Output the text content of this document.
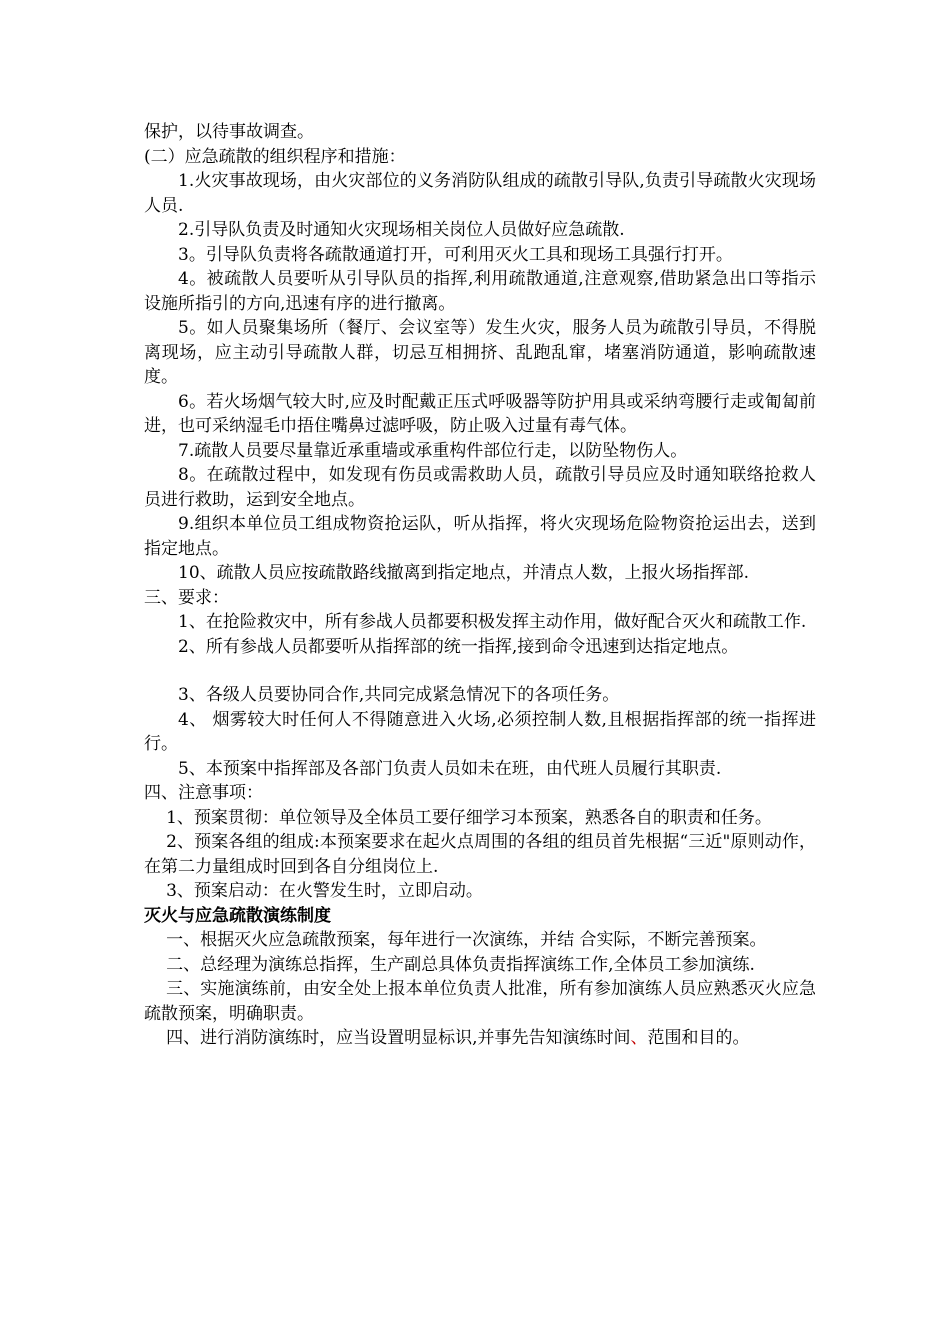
保护，以待事故调查。

(二）应急疏散的组织程序和措施：

1.火灾事故现场，由火灾部位的义务消防队组成的疏散引导队,负责引导疏散火灾现场人员.

2.引导队负责及时通知火灾现场相关岗位人员做好应急疏散.

3。引导队负责将各疏散通道打开，可利用灭火工具和现场工具强行打开。

4。被疏散人员要听从引导队员的指挥,利用疏散通道,注意观察,借助紧急出口等指示设施所指引的方向,迅速有序的进行撤离。

5。如人员聚集场所（餐厅、会议室等）发生火灾，服务人员为疏散引导员，不得脱离现场，应主动引导疏散人群，切忌互相拥挤、乱跑乱窜，堵塞消防通道，影响疏散速度。

6。若火场烟气较大时,应及时配戴正压式呼吸器等防护用具或采纳弯腰行走或匍匐前进，也可采纳湿毛巾捂住嘴鼻过滤呼吸，防止吸入过量有毒气体。

7.疏散人员要尽量靠近承重墙或承重构件部位行走，以防坠物伤人。

8。在疏散过程中，如发现有伤员或需救助人员，疏散引导员应及时通知联络抢救人员进行救助，运到安全地点。

9.组织本单位员工组成物资抢运队，听从指挥，将火灾现场危险物资抢运出去，送到指定地点。

10、疏散人员应按疏散路线撤离到指定地点，并清点人数，上报火场指挥部.

三、要求：

1、在抢险救灾中，所有参战人员都要积极发挥主动作用，做好配合灭火和疏散工作.

2、所有参战人员都要听从指挥部的统一指挥,接到命令迅速到达指定地点。

3、各级人员要协同合作,共同完成紧急情况下的各项任务。

4、 烟雾较大时任何人不得随意进入火场,必须控制人数,且根据指挥部的统一指挥进行。

5、本预案中指挥部及各部门负责人员如未在班，由代班人员履行其职责.

四、注意事项：

1、预案贯彻：单位领导及全体员工要仔细学习本预案，熟悉各自的职责和任务。

2、预案各组的组成:本预案要求在起火点周围的各组的组员首先根据“三近"原则动作，在第二力量组成时回到各自分组岗位上.

3、预案启动：在火警发生时，立即启动。

灭火与应急疏散演练制度

一、根据灭火应急疏散预案，每年进行一次演练，并结 合实际，不断完善预案。

二、总经理为演练总指挥，生产副总具体负责指挥演练工作,全体员工参加演练.

三、实施演练前，由安全处上报本单位负责人批准，所有参加演练人员应熟悉灭火应急疏散预案，明确职责。

四、进行消防演练时，应当设置明显标识,并事先告知演练时间、范围和目的。
